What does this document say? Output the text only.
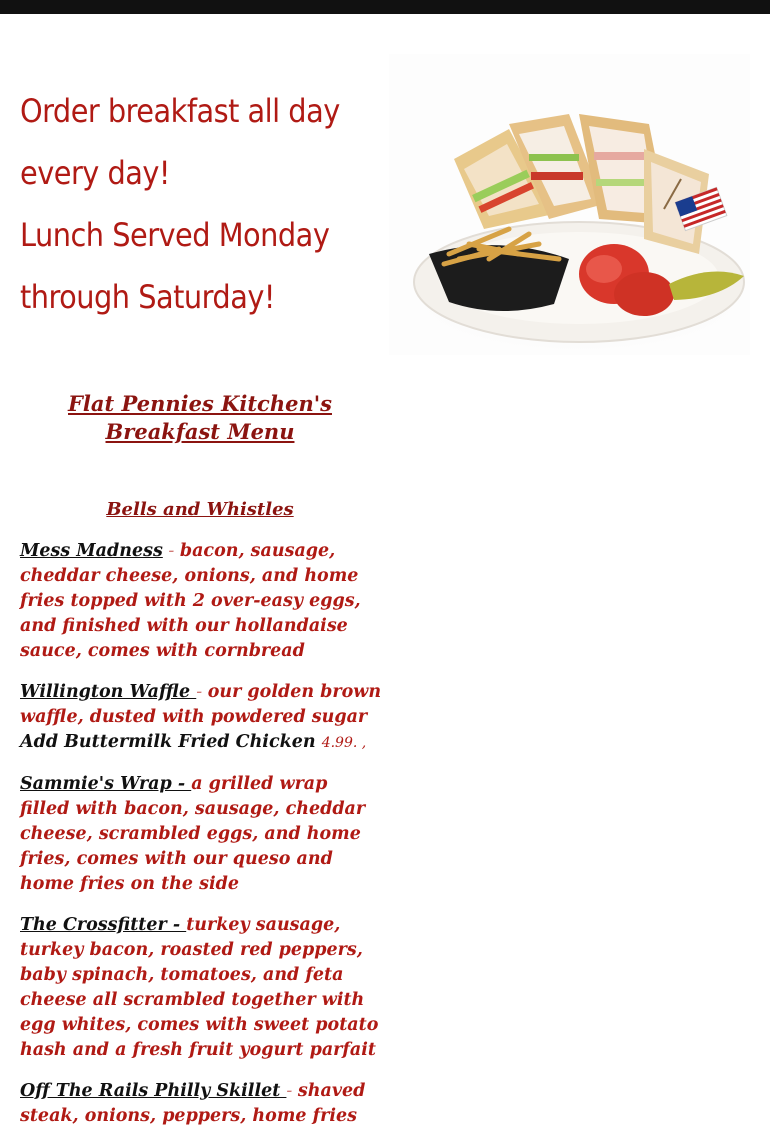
Order breakfast all day every day!

Lunch Served Monday through Saturday!

Flat Pennies Kitchen's Breakfast Menu
Bells and Whistles

Mess Madness - bacon, sausage, cheddar cheese, onions, and home fries topped with 2 over-easy eggs, and finished with our hollandaise sauce, comes with cornbread

Willington Waffle - our golden brown waffle, dusted with powdered sugar
Add Buttermilk Fried Chicken 4.99. ,

Sammie's Wrap - a grilled wrap filled with bacon, sausage, cheddar cheese, scrambled eggs, and home fries, comes with our queso and home fries on the side

The Crossfitter - turkey sausage, turkey bacon, roasted red peppers, baby spinach, tomatoes, and feta cheese all scrambled together with egg whites, comes with sweet potato hash and a fresh fruit yogurt parfait

Off The Rails Philly Skillet - shaved steak, onions, peppers, home fries
